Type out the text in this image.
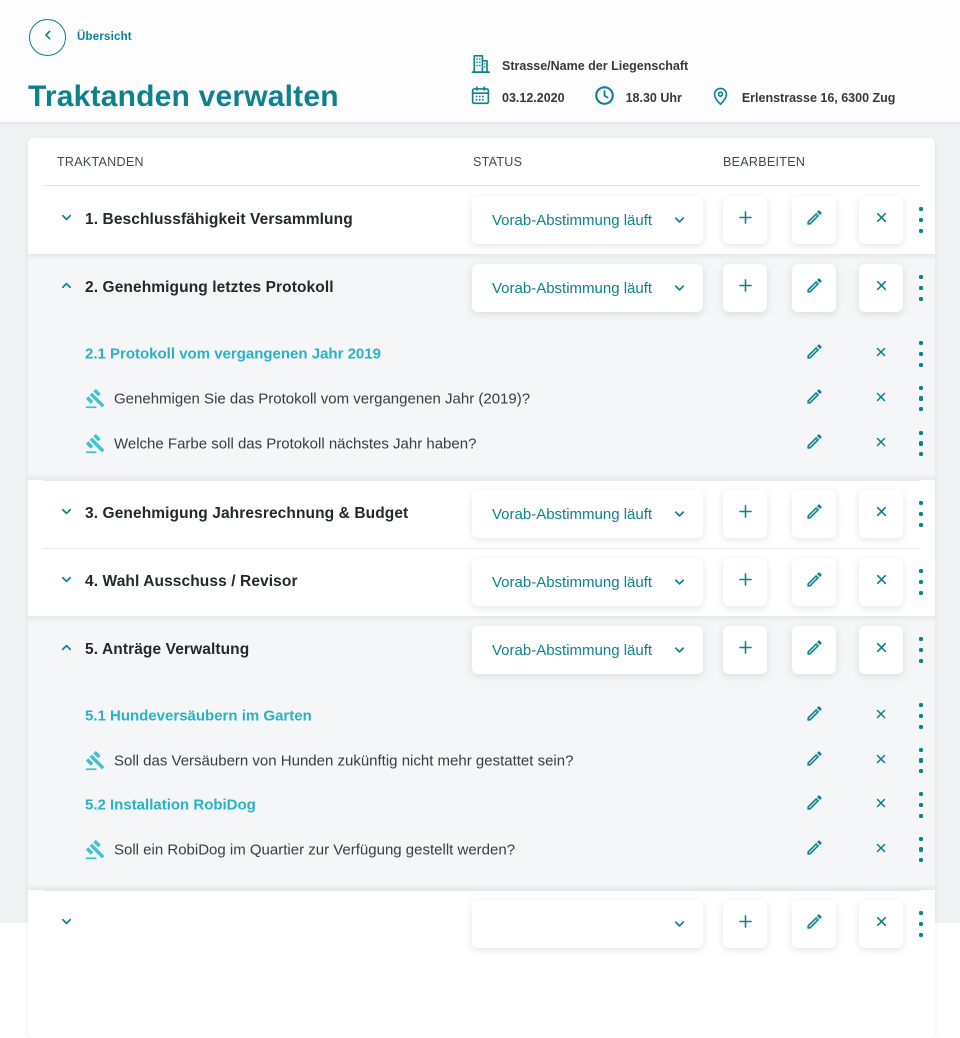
Übersicht
Traktanden verwalten
Strasse/Name der Liegenschaft
03.12.2020	18.30 Uhr	Erlenstrasse 16, 6300 Zug
TRAKTANDEN	STATUS	BEARBEITEN
1. Beschlussfähigkeit Versammlung	Vorab-Abstimmung läuft
2. Genehmigung letztes Protokoll	Vorab-Abstimmung läuft
2.1 Protokoll vom vergangenen Jahr 2019
Genehmigen Sie das Protokoll vom vergangenen Jahr (2019)?
Welche Farbe soll das Protokoll nächstes Jahr haben?
3. Genehmigung Jahresrechnung & Budget	Vorab-Abstimmung läuft
4. Wahl Ausschuss / Revisor	Vorab-Abstimmung läuft
5. Anträge Verwaltung	Vorab-Abstimmung läuft
5.1 Hundeversäubern im Garten
Soll das Versäubern von Hunden zukünftig nicht mehr gestattet sein?
5.2 Installation RobiDog
Soll ein RobiDog im Quartier zur Verfügung gestellt werden?
